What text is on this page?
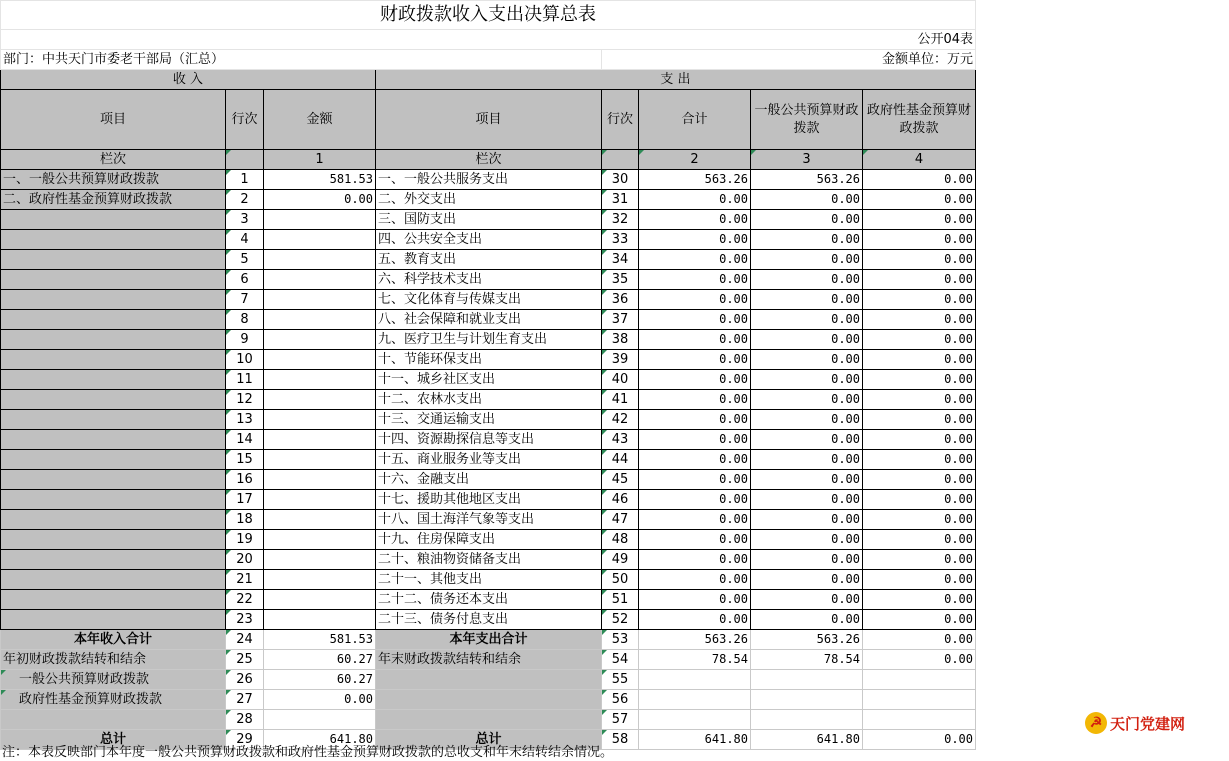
财政拨款收入支出决算总表							
公开04表							
部门：中共天门市委老干部局（汇总）				金额单位：万元			
收 入			支 出				
项目	行次	金额	项目	行次	合计	一般公共预算财政拨款	政府性基金预算财政拨款
栏次		1	栏次		2	3	4
一、一般公共预算财政拨款	1	581.53	一、一般公共服务支出	30	563.26	563.26	0.00
二、政府性基金预算财政拨款	2	0.00	二、外交支出	31	0.00	0.00	0.00
	3		三、国防支出	32	0.00	0.00	0.00
	4		四、公共安全支出	33	0.00	0.00	0.00
	5		五、教育支出	34	0.00	0.00	0.00
	6		六、科学技术支出	35	0.00	0.00	0.00
	7		七、文化体育与传媒支出	36	0.00	0.00	0.00
	8		八、社会保障和就业支出	37	0.00	0.00	0.00
	9		九、医疗卫生与计划生育支出	38	0.00	0.00	0.00
	10		十、节能环保支出	39	0.00	0.00	0.00
	11		十一、城乡社区支出	40	0.00	0.00	0.00
	12		十二、农林水支出	41	0.00	0.00	0.00
	13		十三、交通运输支出	42	0.00	0.00	0.00
	14		十四、资源勘探信息等支出	43	0.00	0.00	0.00
	15		十五、商业服务业等支出	44	0.00	0.00	0.00
	16		十六、金融支出	45	0.00	0.00	0.00
	17		十七、援助其他地区支出	46	0.00	0.00	0.00
	18		十八、国土海洋气象等支出	47	0.00	0.00	0.00
	19		十九、住房保障支出	48	0.00	0.00	0.00
	20		二十、粮油物资储备支出	49	0.00	0.00	0.00
	21		二十一、其他支出	50	0.00	0.00	0.00
	22		二十二、债务还本支出	51	0.00	0.00	0.00
	23		二十三、债务付息支出	52	0.00	0.00	0.00
本年收入合计	24	581.53	本年支出合计	53	563.26	563.26	0.00
年初财政拨款结转和结余	25	60.27	年末财政拨款结转和结余	54	78.54	78.54	0.00
一般公共预算财政拨款	26	60.27		55			
政府性基金预算财政拨款	27	0.00		56			
	28			57			
总计	29	641.80	总计	58	641.80	641.80	0.00
注：本表反映部门本年度一般公共预算财政拨款和政府性基金预算财政拨款的总收支和年末结转结余情况。
☭ 天门党建网
